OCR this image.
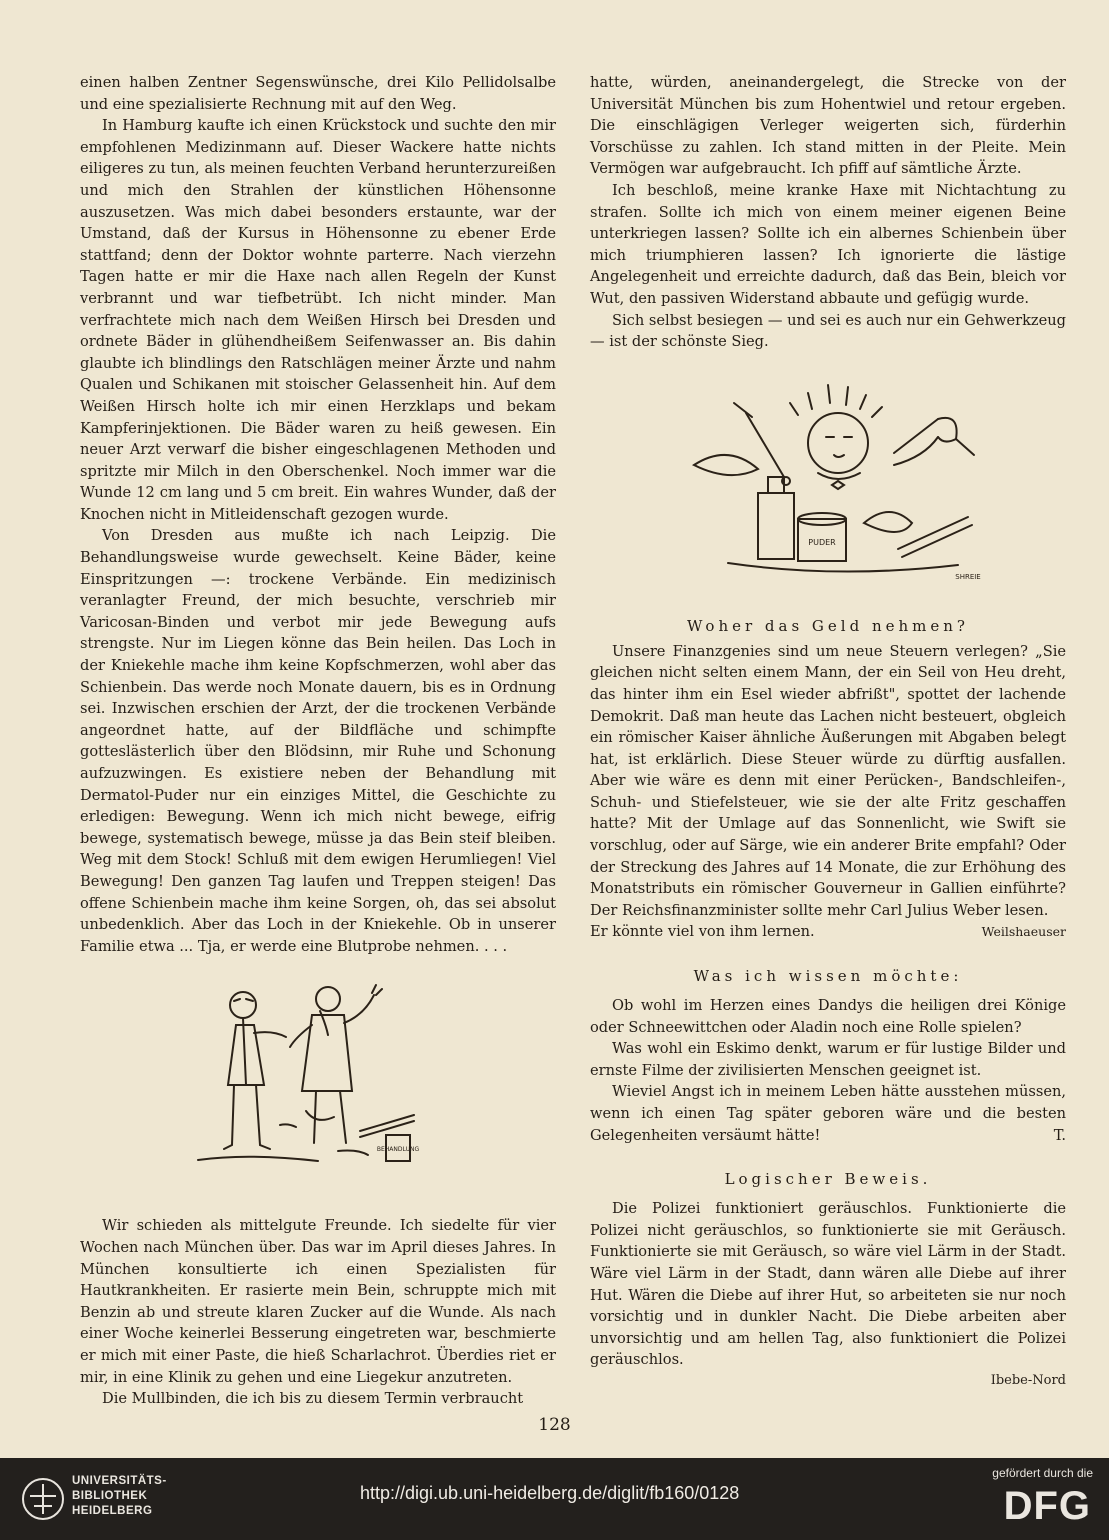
einen halben Zentner Segenswünsche, drei Kilo Pellidolsalbe und eine spezialisierte Rechnung mit auf den Weg.

In Hamburg kaufte ich einen Krückstock und suchte den mir empfohlenen Medizinmann auf. Dieser Wackere hatte nichts eiligeres zu tun, als meinen feuchten Verband herunterzureißen und mich den Strahlen der künstlichen Höhensonne auszusetzen. Was mich dabei besonders erstaunte, war der Umstand, daß der Kursus in Höhensonne zu ebener Erde stattfand; denn der Doktor wohnte parterre. Nach vierzehn Tagen hatte er mir die Haxe nach allen Regeln der Kunst verbrannt und war tiefbetrübt. Ich nicht minder. Man verfrachtete mich nach dem Weißen Hirsch bei Dresden und ordnete Bäder in glühendheißem Seifenwasser an. Bis dahin glaubte ich blindlings den Ratschlägen meiner Ärzte und nahm Qualen und Schikanen mit stoischer Gelassenheit hin. Auf dem Weißen Hirsch holte ich mir einen Herzklaps und bekam Kampferinjektionen. Die Bäder waren zu heiß gewesen. Ein neuer Arzt verwarf die bisher eingeschlagenen Methoden und spritzte mir Milch in den Oberschenkel. Noch immer war die Wunde 12 cm lang und 5 cm breit. Ein wahres Wunder, daß der Knochen nicht in Mitleidenschaft gezogen wurde.

Von Dresden aus mußte ich nach Leipzig. Die Behandlungsweise wurde gewechselt. Keine Bäder, keine Einspritzungen —: trockene Verbände. Ein medizinisch veranlagter Freund, der mich besuchte, verschrieb mir Varicosan-Binden und verbot mir jede Bewegung aufs strengste. Nur im Liegen könne das Bein heilen. Das Loch in der Kniekehle mache ihm keine Kopfschmerzen, wohl aber das Schienbein. Das werde noch Monate dauern, bis es in Ordnung sei. Inzwischen erschien der Arzt, der die trockenen Verbände angeordnet hatte, auf der Bildfläche und schimpfte gotteslästerlich über den Blödsinn, mir Ruhe und Schonung aufzuzwingen. Es existiere neben der Behandlung mit Dermatol-Puder nur ein einziges Mittel, die Geschichte zu erledigen: Bewegung. Wenn ich mich nicht bewege, eifrig bewege, systematisch bewege, müsse ja das Bein steif bleiben. Weg mit dem Stock! Schluß mit dem ewigen Herumliegen! Viel Bewegung! Den ganzen Tag laufen und Treppen steigen! Das offene Schienbein mache ihm keine Sorgen, oh, das sei absolut unbedenklich. Aber das Loch in der Kniekehle. Ob in unserer Familie etwa ... Tja, er werde eine Blutprobe nehmen. . . .

BEHANDLUNG

Wir schieden als mittelgute Freunde. Ich siedelte für vier Wochen nach München über. Das war im April dieses Jahres. In München konsultierte ich einen Spezialisten für Hautkrankheiten. Er rasierte mein Bein, schruppte mich mit Benzin ab und streute klaren Zucker auf die Wunde. Als nach einer Woche keinerlei Besserung eingetreten war, beschmierte er mich mit einer Paste, die hieß Scharlachrot. Überdies riet er mir, in eine Klinik zu gehen und eine Liegekur anzutreten.

Die Mullbinden, die ich bis zu diesem Termin verbraucht

hatte, würden, aneinandergelegt, die Strecke von der Universität München bis zum Hohentwiel und retour ergeben. Die einschlägigen Verleger weigerten sich, fürderhin Vorschüsse zu zahlen. Ich stand mitten in der Pleite. Mein Vermögen war aufgebraucht. Ich pfiff auf sämtliche Ärzte.

Ich beschloß, meine kranke Haxe mit Nichtachtung zu strafen. Sollte ich mich von einem meiner eigenen Beine unterkriegen lassen? Sollte ich ein albernes Schienbein über mich triumphieren lassen? Ich ignorierte die lästige Angelegenheit und erreichte dadurch, daß das Bein, bleich vor Wut, den passiven Widerstand abbaute und gefügig wurde.

Sich selbst besiegen — und sei es auch nur ein Gehwerkzeug — ist der schönste Sieg.

PUDER
SHREIE
Woher das Geld nehmen?

Unsere Finanzgenies sind um neue Steuern verlegen? „Sie gleichen nicht selten einem Mann, der ein Seil von Heu dreht, das hinter ihm ein Esel wieder abfrißt", spottet der lachende Demokrit. Daß man heute das Lachen nicht besteuert, obgleich ein römischer Kaiser ähnliche Äußerungen mit Abgaben belegt hat, ist erklärlich. Diese Steuer würde zu dürftig ausfallen. Aber wie wäre es denn mit einer Perücken-, Bandschleifen-, Schuh- und Stiefelsteuer, wie sie der alte Fritz geschaffen hatte? Mit der Umlage auf das Sonnenlicht, wie Swift sie vorschlug, oder auf Särge, wie ein anderer Brite empfahl? Oder der Streckung des Jahres auf 14 Monate, die zur Erhöhung des Monatstributs ein römischer Gouverneur in Gallien einführte? Der Reichsfinanzminister sollte mehr Carl Julius Weber lesen.

Er könnte viel von ihm lernen.	Weilshaeuser
Was ich wissen möchte:

Ob wohl im Herzen eines Dandys die heiligen drei Könige oder Schneewittchen oder Aladin noch eine Rolle spielen?

Was wohl ein Eskimo denkt, warum er für lustige Bilder und ernste Filme der zivilisierten Menschen geeignet ist.

Wieviel Angst ich in meinem Leben hätte ausstehen müssen, wenn ich einen Tag später geboren wäre und die besten Gelegenheiten versäumt hätte!	T.

Logischer Beweis.

Die Polizei funktioniert geräuschlos. Funktionierte die Polizei nicht geräuschlos, so funktionierte sie mit Geräusch. Funktionierte sie mit Geräusch, so wäre viel Lärm in der Stadt. Wäre viel Lärm in der Stadt, dann wären alle Diebe auf ihrer Hut. Wären die Diebe auf ihrer Hut, so arbeiteten sie nur noch vorsichtig und in dunkler Nacht. Die Diebe arbeiten aber unvorsichtig und am hellen Tag, also funktioniert die Polizei geräuschlos.

Ibebe-Nord
128
UNIVERSITÄTS-
BIBLIOTHEK
HEIDELBERG
http://digi.ub.uni-heidelberg.de/diglit/fb160/0128
gefördert durch die
DFG
